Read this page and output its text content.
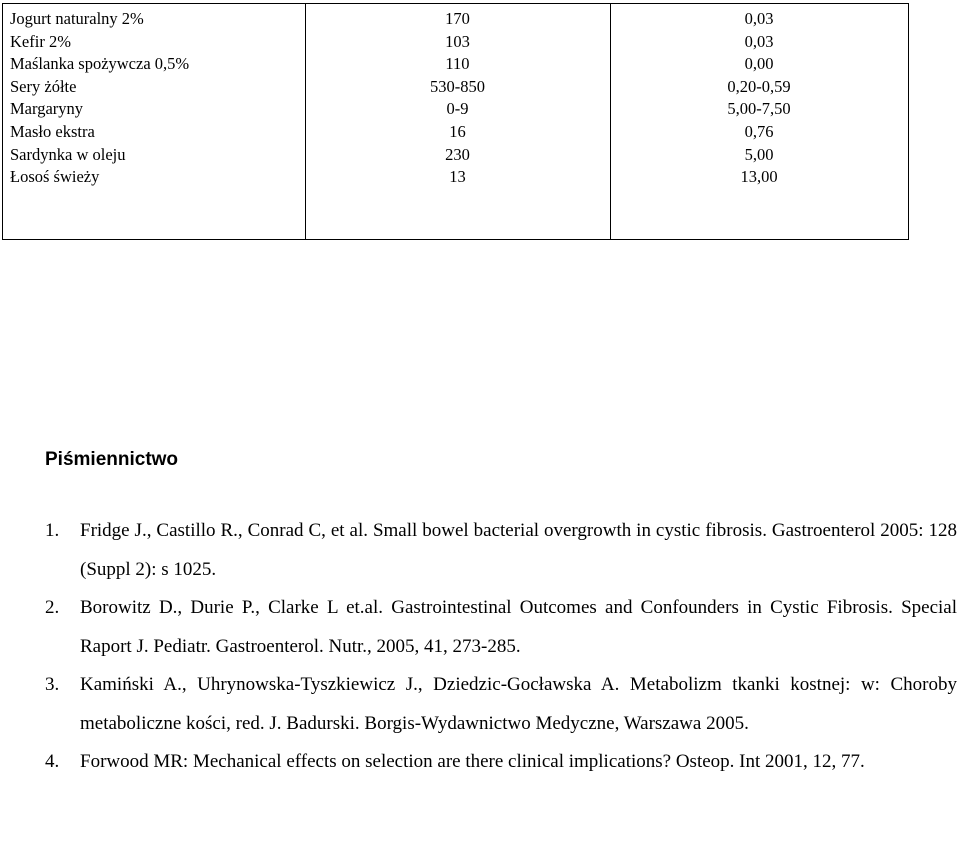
Jogurt naturalny 2%
Kefir 2%
Maślanka spożywcza 0,5%
Sery żółte
Margaryny
Masło ekstra
Sardynka w oleju
Łosoś świeży
170
103
110
530-850
0-9
16
230
13
0,03
0,03
0,00
0,20-0,59
5,00-7,50
0,76
5,00
13,00
Piśmiennictwo
1. Fridge J., Castillo R., Conrad C, et al. Small bowel bacterial overgrowth in cystic fibrosis. Gastroenterol 2005: 128 (Suppl 2): s 1025.
2. Borowitz D., Durie P., Clarke L et.al. Gastrointestinal Outcomes and Confounders in Cystic Fibrosis. Special Raport J. Pediatr. Gastroenterol. Nutr., 2005, 41, 273-285.
3. Kamiński A., Uhrynowska-Tyszkiewicz J., Dziedzic-Gocławska A. Metabolizm tkanki kostnej: w: Choroby metaboliczne kości, red. J. Badurski. Borgis-Wydawnictwo Medyczne, Warszawa 2005.
4. Forwood MR: Mechanical effects on selection are there clinical implications? Osteop. Int 2001, 12, 77.
